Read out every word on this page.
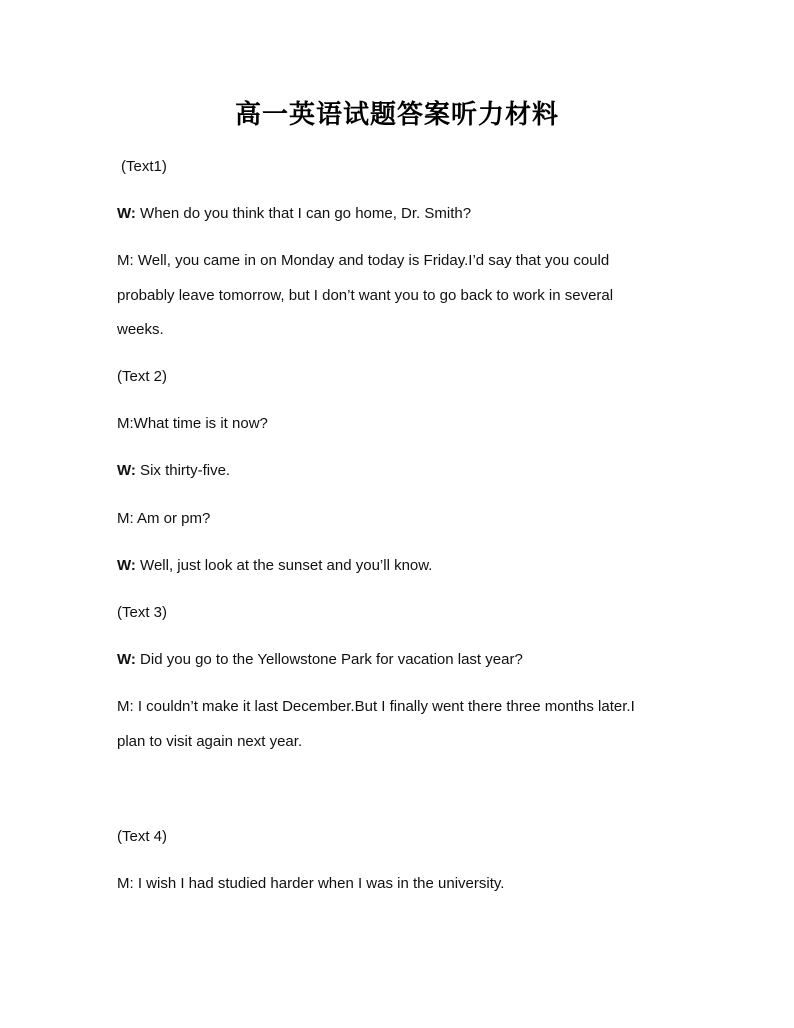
高一英语试题答案听力材料
(Text1)
W: When do you think that I can go home, Dr. Smith?
M: Well, you came in on Monday and today is Friday.I’d say that you could
probably leave tomorrow, but I don’t want you to go back to work in several
weeks.
(Text 2)
M:What time is it now?
W: Six thirty-five.
M: Am or pm?
W: Well, just look at the sunset and you’ll know.
(Text 3)
W: Did you go to the Yellowstone Park for vacation last year?
M: I couldn’t make it last December.But I finally went there three months later.I
plan to visit again next year.
(Text 4)
M: I wish I had studied harder when I was in the university.
